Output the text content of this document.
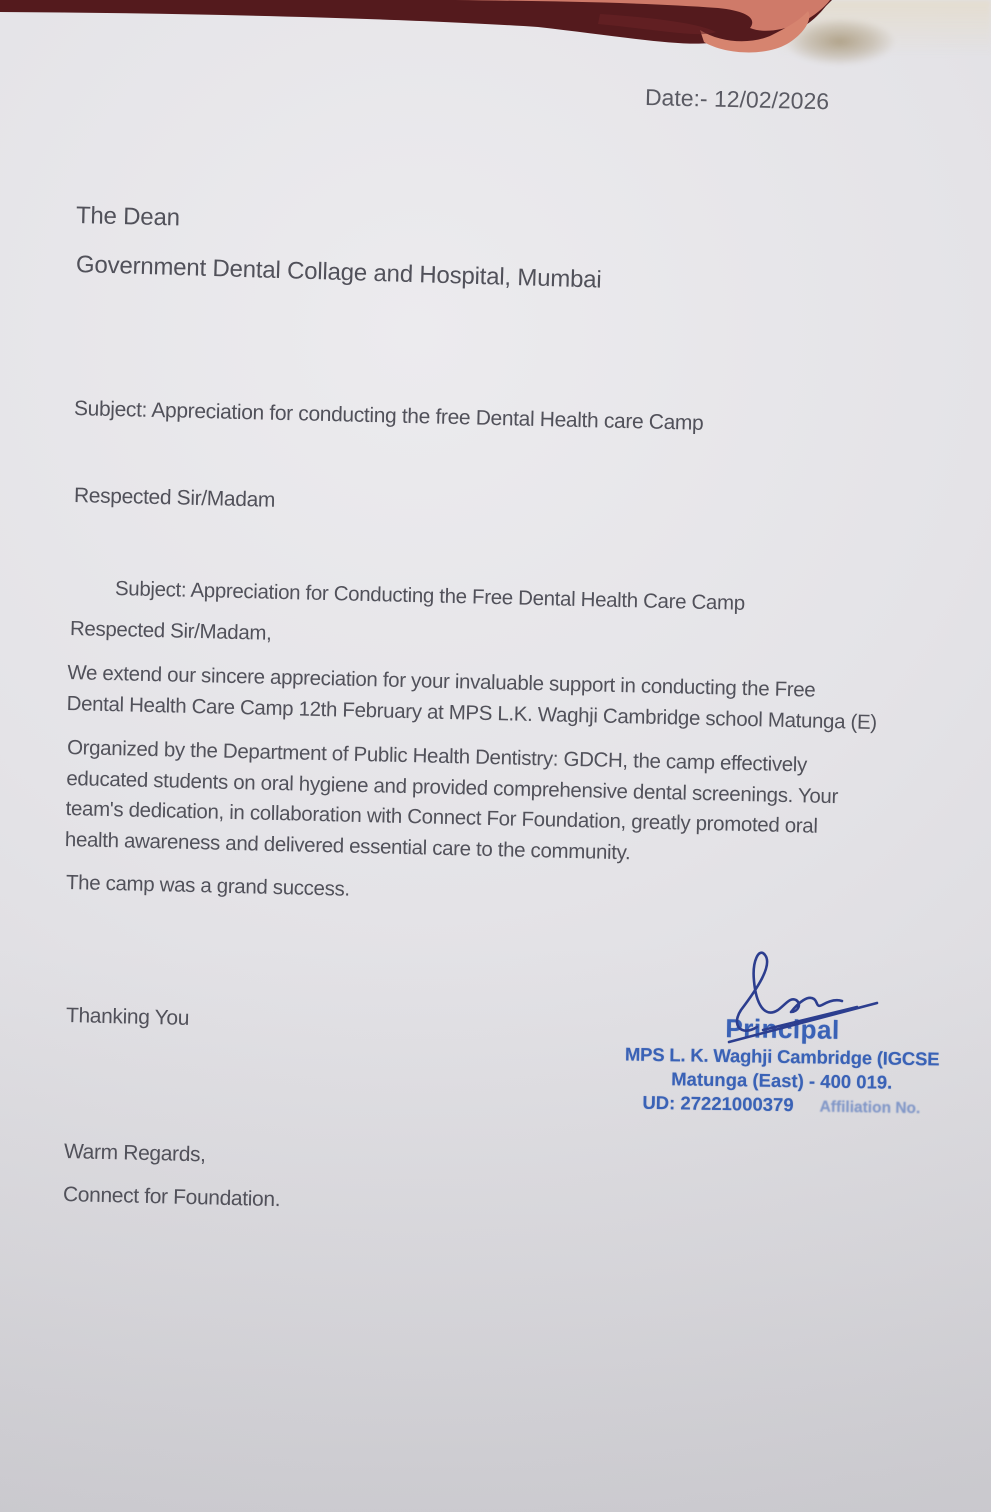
Date:- 12/02/2026
The Dean
Government Dental Collage and Hospital, Mumbai
Subject: Appreciation for conducting the free Dental Health care Camp
Respected Sir/Madam
Subject: Appreciation for Conducting the Free Dental Health Care Camp
Respected Sir/Madam,
We extend our sincere appreciation for your invaluable support in conducting the Free
Dental Health Care Camp 12th February at MPS L.K. Waghji Cambridge school Matunga (E)
Organized by the Department of Public Health Dentistry: GDCH, the camp effectively
educated students on oral hygiene and provided comprehensive dental screenings. Your
team's dedication, in collaboration with Connect For Foundation, greatly promoted oral
health awareness and delivered essential care to the community.
The camp was a grand success.
Thanking You
Warm Regards,
Connect for Foundation.
Principal
MPS L. K. Waghji Cambridge (IGCSE
Matunga (East) - 400 019.
UD: 27221000379 Affiliation No.
